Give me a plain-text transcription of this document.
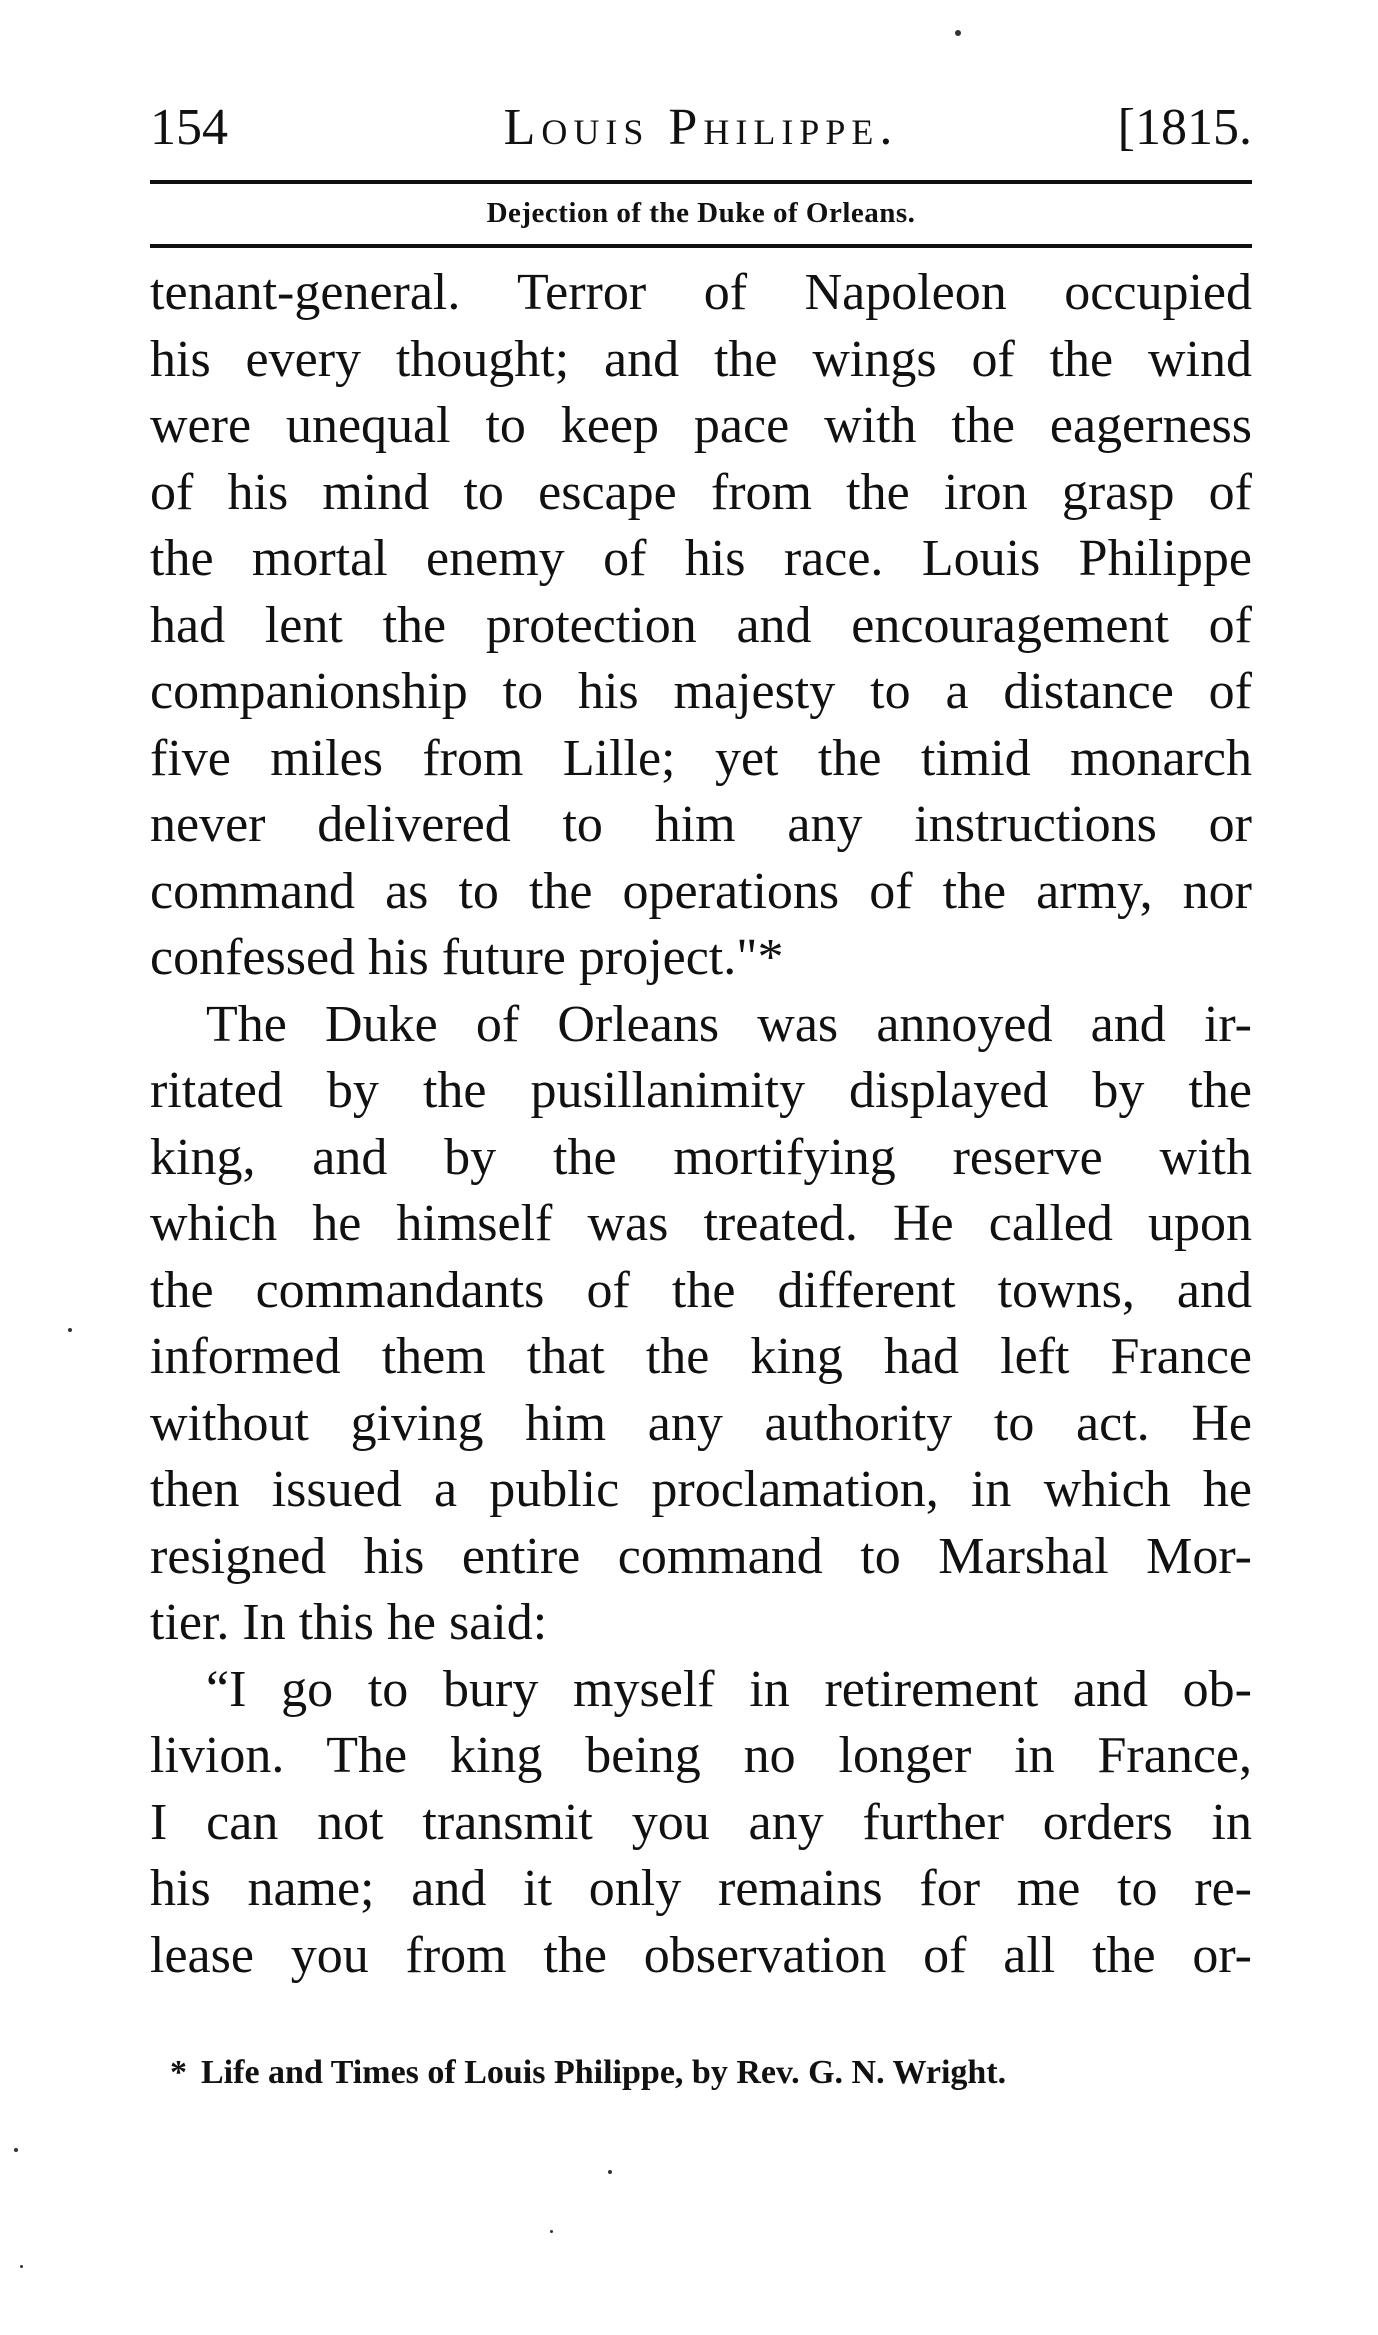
154	Louis Philippe.	[1815.
Dejection of the Duke of Orleans.
tenant-general. Terror of Napoleon occupied
his every thought; and the wings of the wind
were unequal to keep pace with the eagerness
of his mind to escape from the iron grasp of
the mortal enemy of his race. Louis Philippe
had lent the protection and encouragement of
companionship to his majesty to a distance of
five miles from Lille; yet the timid monarch
never delivered to him any instructions or
command as to the operations of the army, nor
confessed his future project."*
The Duke of Orleans was annoyed and ir-
ritated by the pusillanimity displayed by the
king, and by the mortifying reserve with
which he himself was treated. He called upon
the commandants of the different towns, and
informed them that the king had left France
without giving him any authority to act. He
then issued a public proclamation, in which he
resigned his entire command to Marshal Mor-
tier. In this he said:
“I go to bury myself in retirement and ob-
livion. The king being no longer in France,
I can not transmit you any further orders in
his name; and it only remains for me to re-
lease you from the observation of all the or-
* Life and Times of Louis Philippe, by Rev. G. N. Wright.
